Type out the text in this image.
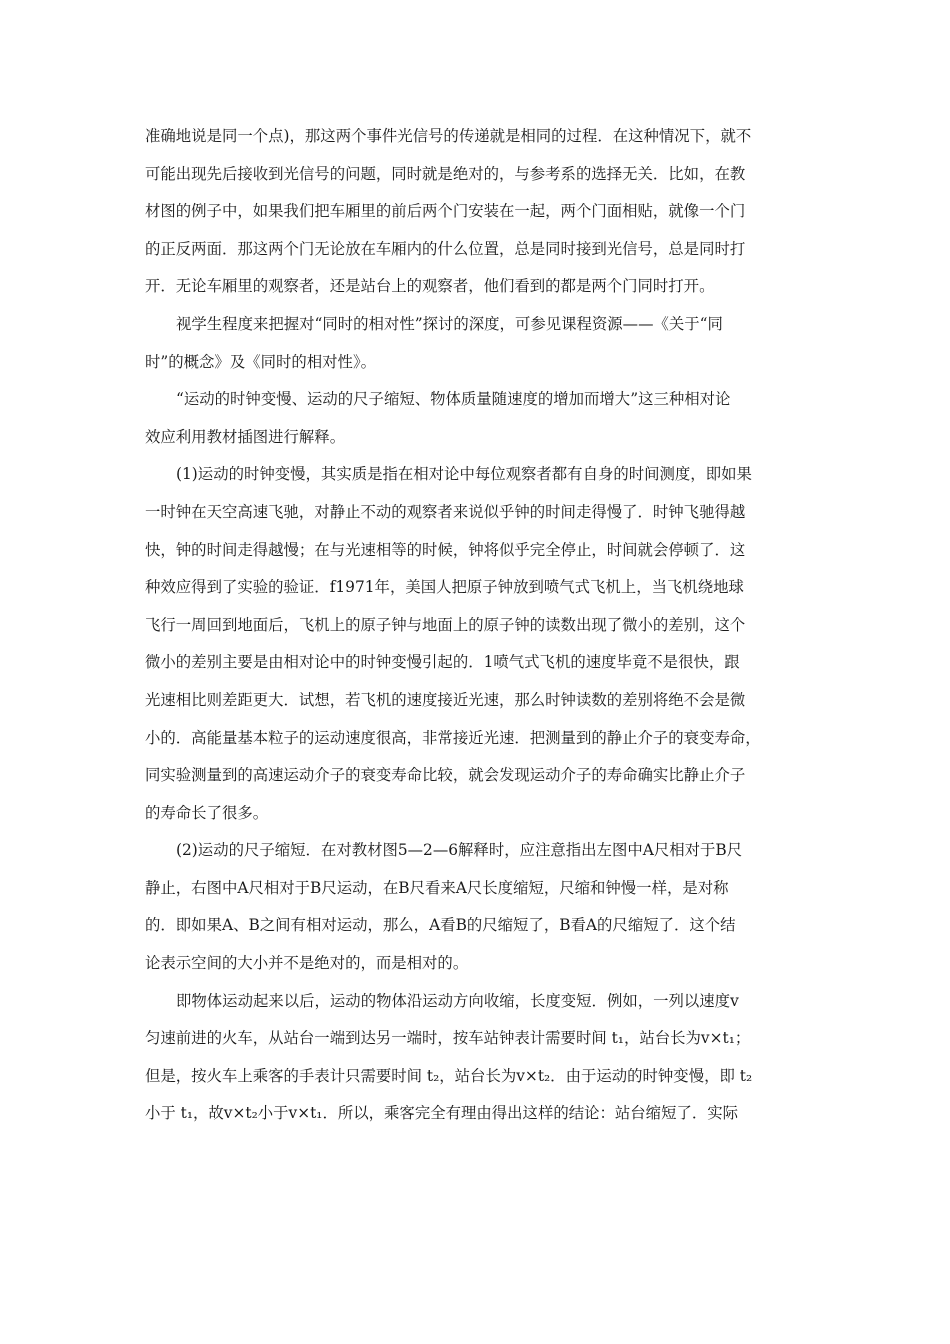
准确地说是同一个点)，那这两个事件光信号的传递就是相同的过程．在这种情况下，就不
可能出现先后接收到光信号的问题，同时就是绝对的，与参考系的选择无关．比如，在教
材图的例子中，如果我们把车厢里的前后两个门安装在一起，两个门面相贴，就像一个门
的正反两面．那这两个门无论放在车厢内的什么位置，总是同时接到光信号，总是同时打
开．无论车厢里的观察者，还是站台上的观察者，他们看到的都是两个门同时打开。

视学生程度来把握对“同时的相对性”探讨的深度，可参见课程资源——《关于“同
时”的概念》及《同时的相对性》。

“运动的时钟变慢、运动的尺子缩短、物体质量随速度的增加而增大”这三种相对论
效应利用教材插图进行解释。

(1)运动的时钟变慢，其实质是指在相对论中每位观察者都有自身的时间测度，即如果
一时钟在天空高速飞驰，对静止不动的观察者来说似乎钟的时间走得慢了．时钟飞驰得越
快，钟的时间走得越慢；在与光速相等的时候，钟将似乎完全停止，时间就会停顿了．这
种效应得到了实验的验证．f1971年，美国人把原子钟放到喷气式飞机上，当飞机绕地球
飞行一周回到地面后，飞机上的原子钟与地面上的原子钟的读数出现了微小的差别，这个
微小的差别主要是由相对论中的时钟变慢引起的．1喷气式飞机的速度毕竟不是很快，跟
光速相比则差距更大．试想，若飞机的速度接近光速，那么时钟读数的差别将绝不会是微
小的．高能量基本粒子的运动速度很高，非常接近光速．把测量到的静止介子的衰变寿命，
同实验测量到的高速运动介子的衰变寿命比较，就会发现运动介子的寿命确实比静止介子
的寿命长了很多。

(2)运动的尺子缩短．在对教材图5—2—6解释时，应注意指出左图中A尺相对于B尺
静止，右图中A尺相对于B尺运动，在B尺看来A尺长度缩短，尺缩和钟慢一样，是对称
的．即如果A、B之间有相对运动，那么，A看B的尺缩短了，B看A的尺缩短了．这个结
论表示空间的大小并不是绝对的，而是相对的。

即物体运动起来以后，运动的物体沿运动方向收缩，长度变短．例如，一列以速度v
匀速前进的火车，从站台一端到达另一端时，按车站钟表计需要时间 t₁，站台长为v×t₁；
但是，按火车上乘客的手表计只需要时间 t₂，站台长为v×t₂．由于运动的时钟变慢，即 t₂
小于 t₁，故v×t₂小于v×t₁．所以，乘客完全有理由得出这样的结论：站台缩短了．实际
